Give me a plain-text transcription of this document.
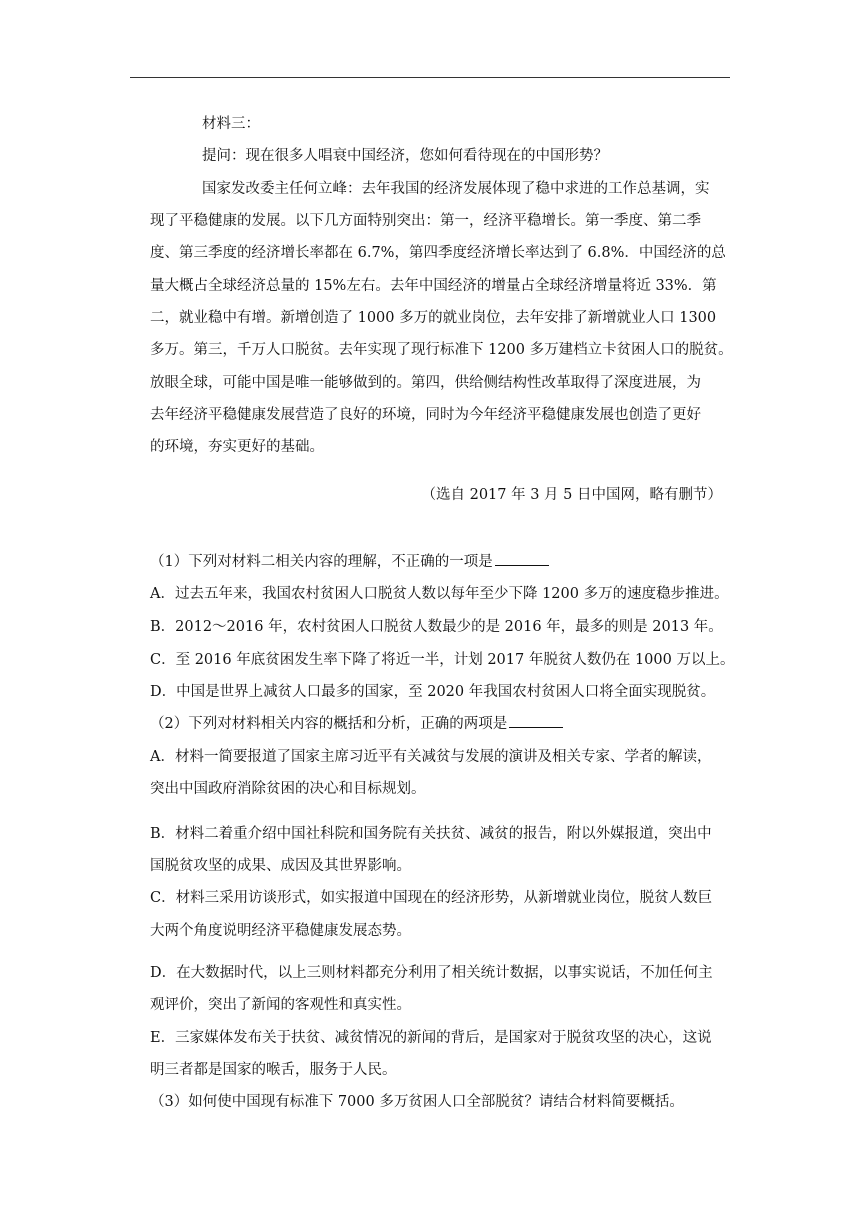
材料三：
提问：现在很多人唱衰中国经济，您如何看待现在的中国形势？
国家发改委主任何立峰：去年我国的经济发展体现了稳中求进的工作总基调，实
现了平稳健康的发展。以下几方面特别突出：第一，经济平稳增长。第一季度、第二季
度、第三季度的经济增长率都在 6.7%，第四季度经济增长率达到了 6.8%．中国经济的总
量大概占全球经济总量的 15%左右。去年中国经济的增量占全球经济增量将近 33%．第
二，就业稳中有增。新增创造了 1000 多万的就业岗位，去年安排了新增就业人口 1300
多万。第三，千万人口脱贫。去年实现了现行标准下 1200 多万建档立卡贫困人口的脱贫。
放眼全球，可能中国是唯一能够做到的。第四，供给侧结构性改革取得了深度进展，为
去年经济平稳健康发展营造了良好的环境，同时为今年经济平稳健康发展也创造了更好
的环境，夯实更好的基础。
（选自 2017 年 3 月 5 日中国网，略有删节）
（1）下列对材料二相关内容的理解，不正确的一项是
A．过去五年来，我国农村贫困人口脱贫人数以每年至少下降 1200 多万的速度稳步推进。
B．2012～2016 年，农村贫困人口脱贫人数最少的是 2016 年，最多的则是 2013 年。
C．至 2016 年底贫困发生率下降了将近一半，计划 2017 年脱贫人数仍在 1000 万以上。
D．中国是世界上减贫人口最多的国家，至 2020 年我国农村贫困人口将全面实现脱贫。
（2）下列对材料相关内容的概括和分析，正确的两项是
A．材料一简要报道了国家主席习近平有关减贫与发展的演讲及相关专家、学者的解读，
突出中国政府消除贫困的决心和目标规划。
B．材料二着重介绍中国社科院和国务院有关扶贫、减贫的报告，附以外媒报道，突出中
国脱贫攻坚的成果、成因及其世界影响。
C．材料三采用访谈形式，如实报道中国现在的经济形势，从新增就业岗位，脱贫人数巨
大两个角度说明经济平稳健康发展态势。
D．在大数据时代，以上三则材料都充分利用了相关统计数据，以事实说话，不加任何主
观评价，突出了新闻的客观性和真实性。
E．三家媒体发布关于扶贫、减贫情况的新闻的背后，是国家对于脱贫攻坚的决心，这说
明三者都是国家的喉舌，服务于人民。
（3）如何使中国现有标准下 7000 多万贫困人口全部脱贫？请结合材料简要概括。
